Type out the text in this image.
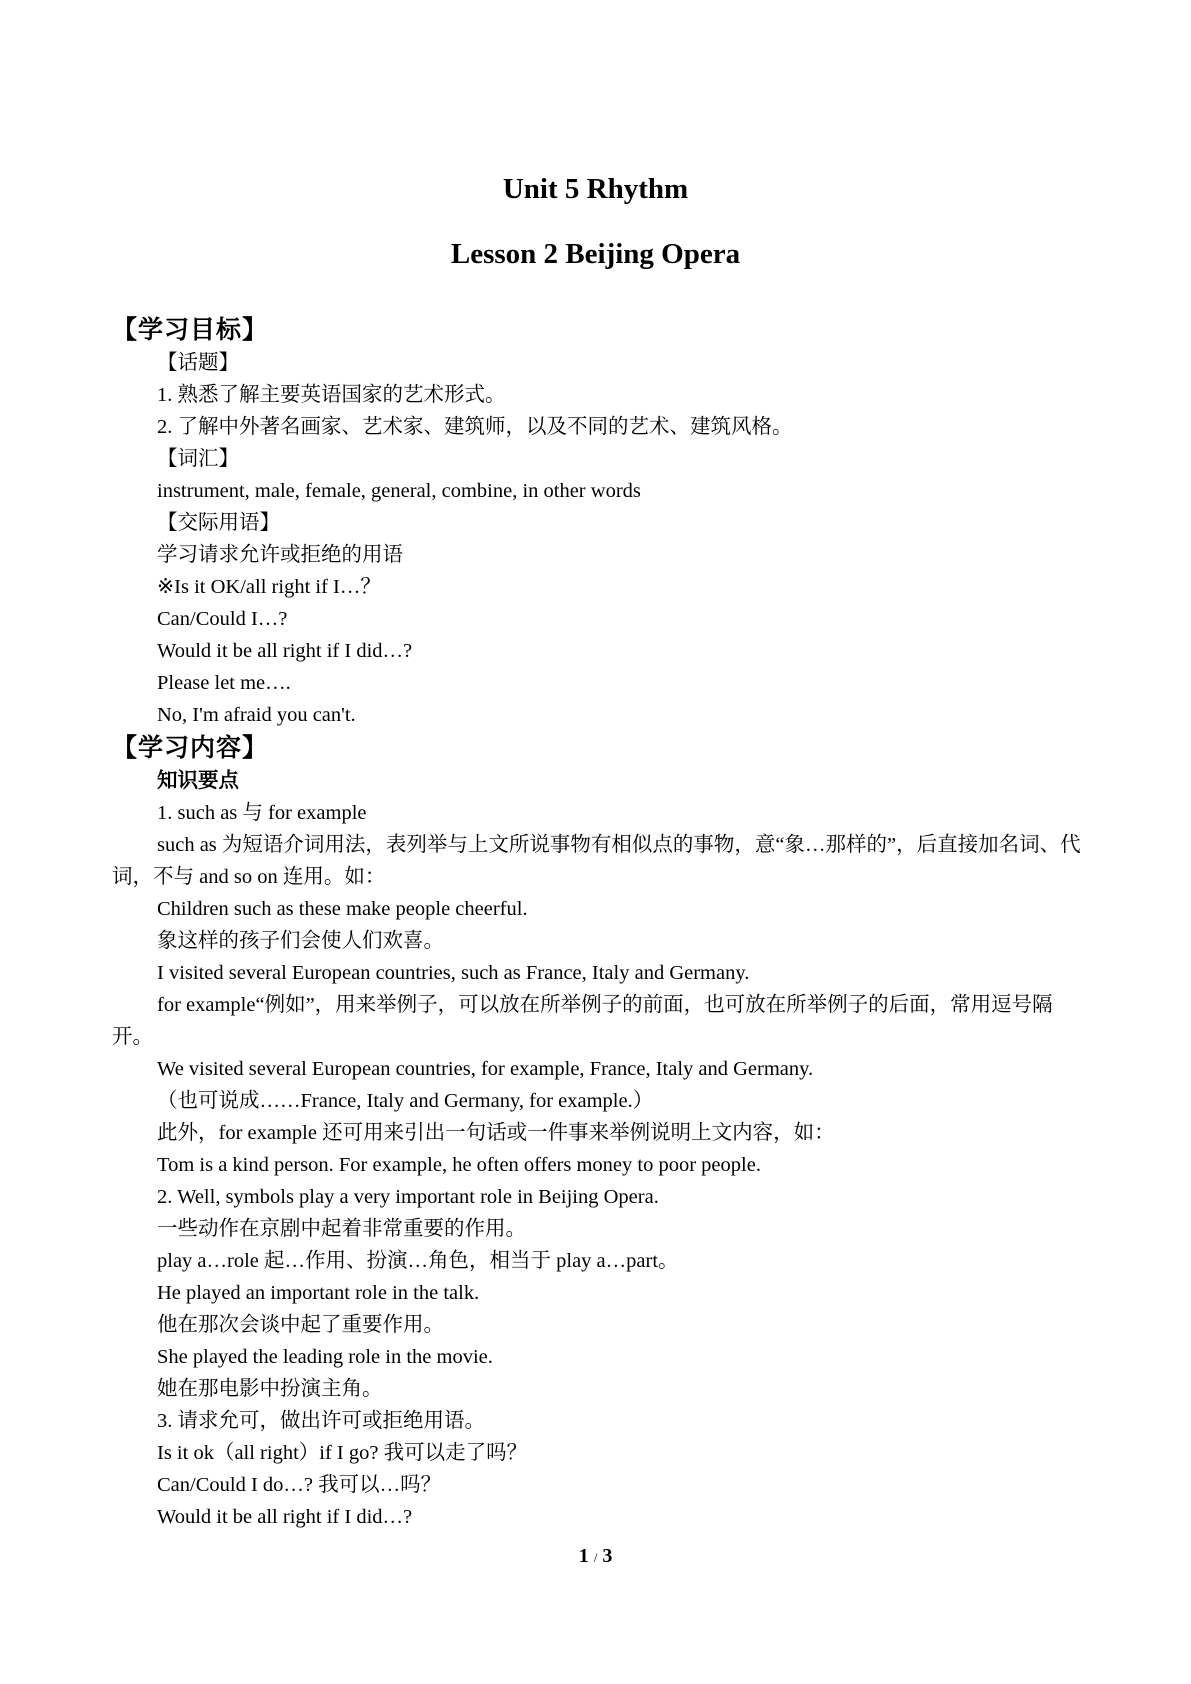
Unit 5 Rhythm
Lesson 2 Beijing Opera
【学习目标】
【话题】
1. 熟悉了解主要英语国家的艺术形式。
2. 了解中外著名画家、艺术家、建筑师，以及不同的艺术、建筑风格。
【词汇】
instrument, male, female, general, combine, in other words
【交际用语】
学习请求允许或拒绝的用语
※Is it OK/all right if I…？
Can/Could I…?
Would it be all right if I did…?
Please let me….
No, I'm afraid you can't.
【学习内容】
知识要点
1. such as 与 for example
such as 为短语介词用法，表列举与上文所说事物有相似点的事物，意“象…那样的”，后直接加名词、代词，不与 and so on 连用。如：
Children such as these make people cheerful.
象这样的孩子们会使人们欢喜。
I visited several European countries, such as France, Italy and Germany.
for example“例如”，用来举例子，可以放在所举例子的前面，也可放在所举例子的后面，常用逗号隔开。
We visited several European countries, for example, France, Italy and Germany.
（也可说成……France, Italy and Germany, for example.）
此外，for example 还可用来引出一句话或一件事来举例说明上文内容，如：
Tom is a kind person. For example, he often offers money to poor people.
2. Well, symbols play a very important role in Beijing Opera.
一些动作在京剧中起着非常重要的作用。
play a…role 起…作用、扮演…角色，相当于 play a…part。
He played an important role in the talk.
他在那次会谈中起了重要作用。
She played the leading role in the movie.
她在那电影中扮演主角。
3. 请求允可，做出许可或拒绝用语。
Is it ok（all right）if I go? 我可以走了吗？
Can/Could I do…? 我可以…吗？
Would it be all right if I did…?
1 / 3
